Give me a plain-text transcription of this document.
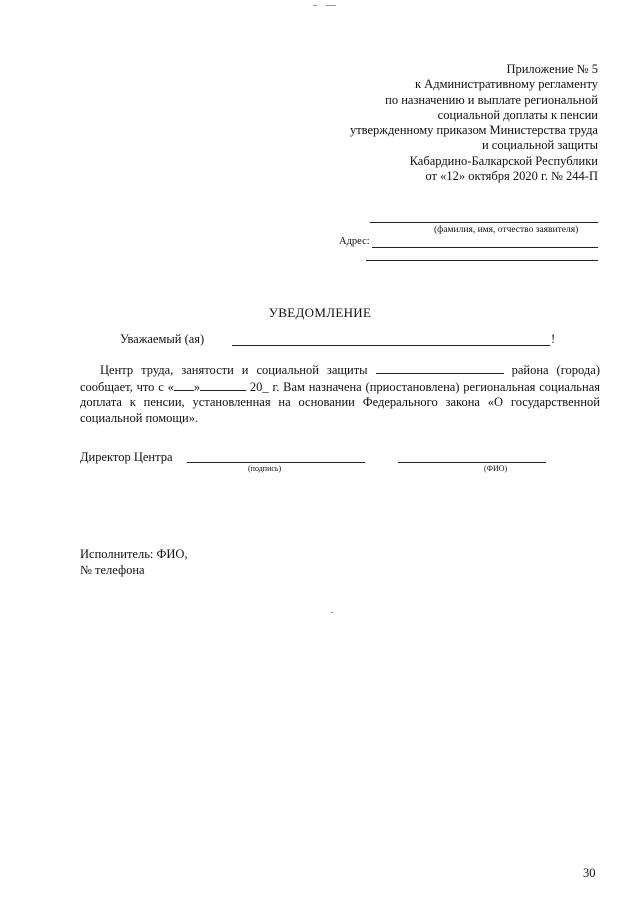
Приложение № 5
к Административному регламенту
по назначению и выплате региональной
социальной доплаты к пенсии
утвержденному приказом Министерства труда
и социальной защиты
Кабардино-Балкарской Республики
от «12» октября 2020 г. № 244-П
(фамилия, имя, отчество заявителя)
Адрес:
УВЕДОМЛЕНИЕ
Уважаемый (ая)	!

Центр труда, занятости и социальной защиты	района (города) сообщает, что с « »	20_ г. Вам назначена (приостановлена) региональная социальная доплата к пенсии, установленная на основании Федерального закона «О государственной социальной помощи».

Директор Центра
(подпись)	(ФИО)
Исполнитель: ФИО,
№ телефона
30
